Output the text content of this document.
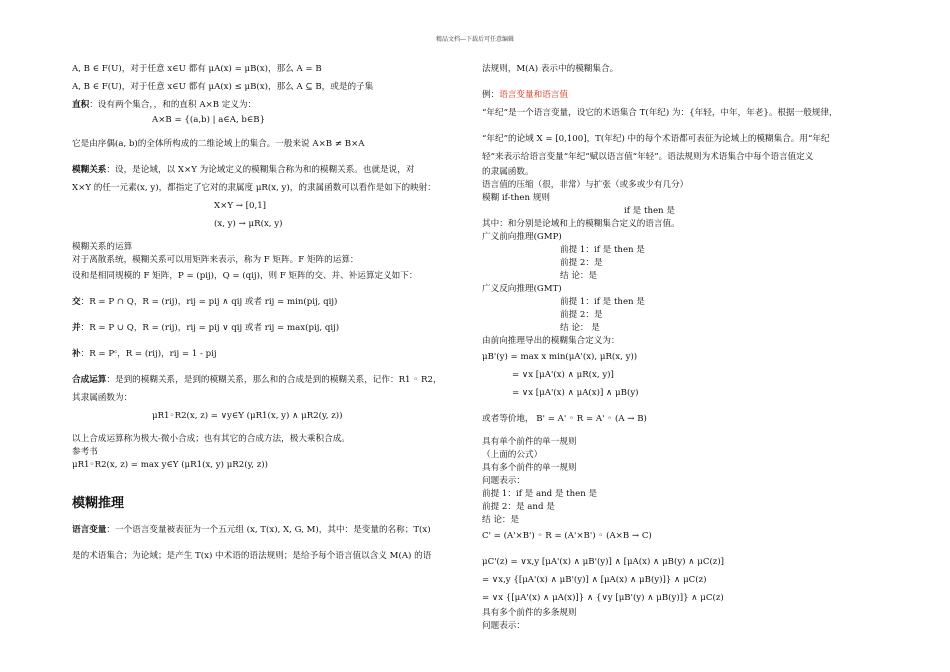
精品文档---下载后可任意编辑
A, B ∈ F(U)，对于任意 x∈U 都有 μA(x) = μB(x)，那么 A = B
A, B ∈ F(U)，对于任意 x∈U 都有 μA(x) ≤ μB(x)，那么 A ⊆ B，或是的子集
直积：设有两个集合，，和的直积 A×B 定义为：
A×B = {(a,b) | a∈A, b∈B}
它是由序偶(a, b)的全体所构成的二维论域上的集合。一般来说 A×B ≠ B×A
模糊关系：设，是论域，以 X×Y 为论域定义的模糊集合称为和的模糊关系。也就是说，对
X×Y 的任一元素(x, y)，都指定了它对的隶属度 μR(x, y)，的隶属函数可以看作是如下的映射：
X×Y → [0,1]
(x, y) → μR(x, y)
模糊关系的运算
对于离散系统，模糊关系可以用矩阵来表示，称为 F 矩阵。F 矩阵的运算：
设和是相同规模的 F 矩阵，P = (pij)，Q = (qij)，则 F 矩阵的交、并、补运算定义如下：
交：R = P ∩ Q，R = (rij)，rij = pij ∧ qij 或者 rij = min(pij, qij)
并：R = P ∪ Q，R = (rij)，rij = pij ∨ qij 或者 rij = max(pij, qij)
补：R = Pᶜ，R = (rij)，rij = 1 - pij
合成运算：是到的模糊关系，是到的模糊关系，那么和的合成是到的模糊关系，记作：R1 ◦ R2，
其隶属函数为：
μR1◦R2(x, z) = ∨y∈Y (μR1(x, y) ∧ μR2(y, z))
以上合成运算称为极大-微小合成；也有其它的合成方法，极大乘积合成。
参考书
μR1◦R2(x, z) = max y∈Y (μR1(x, y) μR2(y, z))
模糊推理
语言变量：一个语言变量被表征为一个五元组 (x, T(x), X, G, M)，其中：是变量的名称；T(x)
是的术语集合；为论域；是产生 T(x) 中术语的语法规则；是给予每个语言值以含义 M(A) 的语
法规则，M(A) 表示中的模糊集合。
例：语言变量和语言值
“年纪”是一个语言变量，设它的术语集合 T(年纪) 为：{年轻，中年，年老}。根据一般规律，
“年纪”的论域 X = [0,100]，T(年纪) 中的每个术语都可表征为论域上的模糊集合。用“年纪
轻”来表示给语言变量“年纪”赋以语言值“年轻”。语法规则为术语集合中每个语言值定义
的隶属函数。
语言值的压缩（很，非常）与扩张（或多或少有几分）
模糊 if-then 规则
if 是 then 是
其中：和分别是论域和上的模糊集合定义的语言值。
广义前向推理(GMP)
前提 1：if 是 then 是
前提 2：是
结 论：是
广义反向推理(GMT)
前提 1：if 是 then 是
前提 2：是
结 论： 是
由前向推理导出的模糊集合定义为：
μB'(y) = max x min(μA'(x), μR(x, y))
= ∨x [μA'(x) ∧ μR(x, y)]
= ∨x [μA'(x) ∧ μA(x)] ∧ μB(y)
或者等价地， B' = A' ◦ R = A' ◦ (A → B)
具有单个前件的单一规则
（上面的公式）
具有多个前件的单一规则
问题表示：
前提 1：if 是 and 是 then 是
前提 2：是 and 是
结 论：是
C' = (A'×B') ◦ R = (A'×B') ◦ (A×B → C)
μC'(z) = ∨x,y [μA'(x) ∧ μB'(y)] ∧ [μA(x) ∧ μB(y) ∧ μC(z)]
= ∨x,y {[μA'(x) ∧ μB'(y)] ∧ [μA(x) ∧ μB(y)]} ∧ μC(z)
= ∨x {[μA'(x) ∧ μA(x)]} ∧ {∨y [μB'(y) ∧ μB(y)]} ∧ μC(z)
具有多个前件的多条规则
问题表示：
